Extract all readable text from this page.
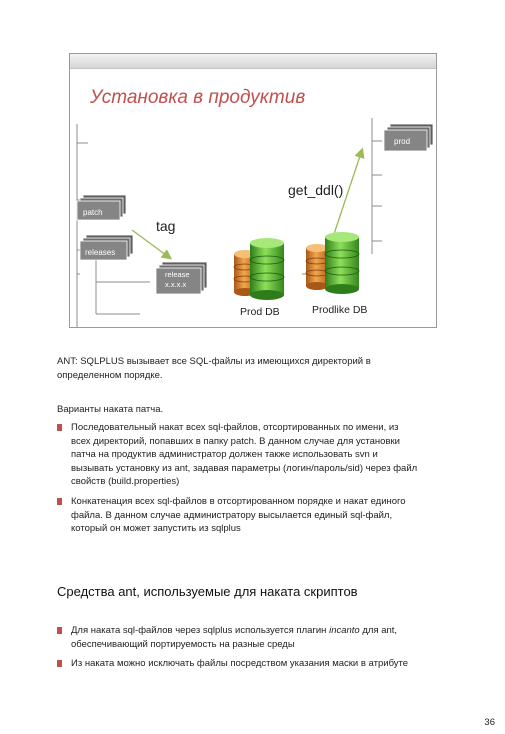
Установка в продуктив
patch
releases
release
x.x.x.x
prod
tag
get_ddl()
Prod DB	Prodlike DB
ANT: SQLPLUS вызывает все SQL-файлы из имеющихся директорий в
определенном порядке.
Варианты наката патча.
Последовательный накат всех sql-файлов, отсортированных по имени, из
всех директорий, попавших в папку patch. В данном случае для установки
патча на продуктив администратор должен также использовать svn и
вызывать установку из ant, задавая параметры (логин/пароль/sid) через файл
свойств (build.properties)
Конкатенация всех sql-файлов в отсортированном порядке и накат единого
файла. В данном случае администратору высылается единый sql-файл,
который он может запустить из sqlplus
Средства ant, используемые для наката скриптов
Для наката sql-файлов через sqlplus используется плагин incanto для ant,
обеспечивающий портируемость на разные среды
Из наката можно исключать файлы посредством указания маски в атрибуте
36
